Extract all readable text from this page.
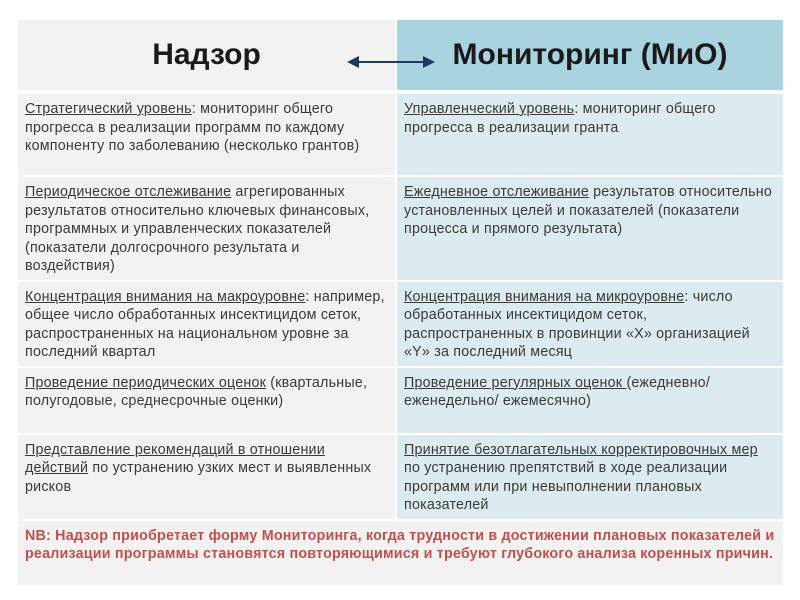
Надзор	Мониторинг (МиО)
Стратегический уровень: мониторинг общего прогресса в реализации программ по каждому компоненту по заболеванию (несколько грантов)	Управленческий уровень: мониторинг общего прогресса в реализации гранта
Периодическое отслеживание агрегированных результатов относительно ключевых финансовых, программных и управленческих показателей (показатели долгосрочного результата и воздействия)	Ежедневное отслеживание результатов относительно установленных целей и показателей (показатели процесса и прямого результата)
Концентрация внимания на макроуровне: например, общее число обработанных инсектицидом сеток, распространенных на национальном уровне за последний квартал	Концентрация внимания на микроуровне: число обработанных инсектицидом сеток, распространенных в провинции «X» организацией «Y» за последний месяц
Проведение периодических оценок (квартальные, полугодовые, среднесрочные оценки)	Проведение регулярных оценок (ежедневно/ еженедельно/ ежемесячно)
Представление рекомендаций в отношении действий по устранению узких мест и выявленных рисков	Принятие безотлагательных корректировочных мер по устранению препятствий в ходе реализации программ или при невыполнении плановых показателей
NB: Надзор приобретает форму Мониторинга, когда трудности в достижении плановых показателей и реализации программы становятся повторяющимися и требуют глубокого анализа коренных причин.	
